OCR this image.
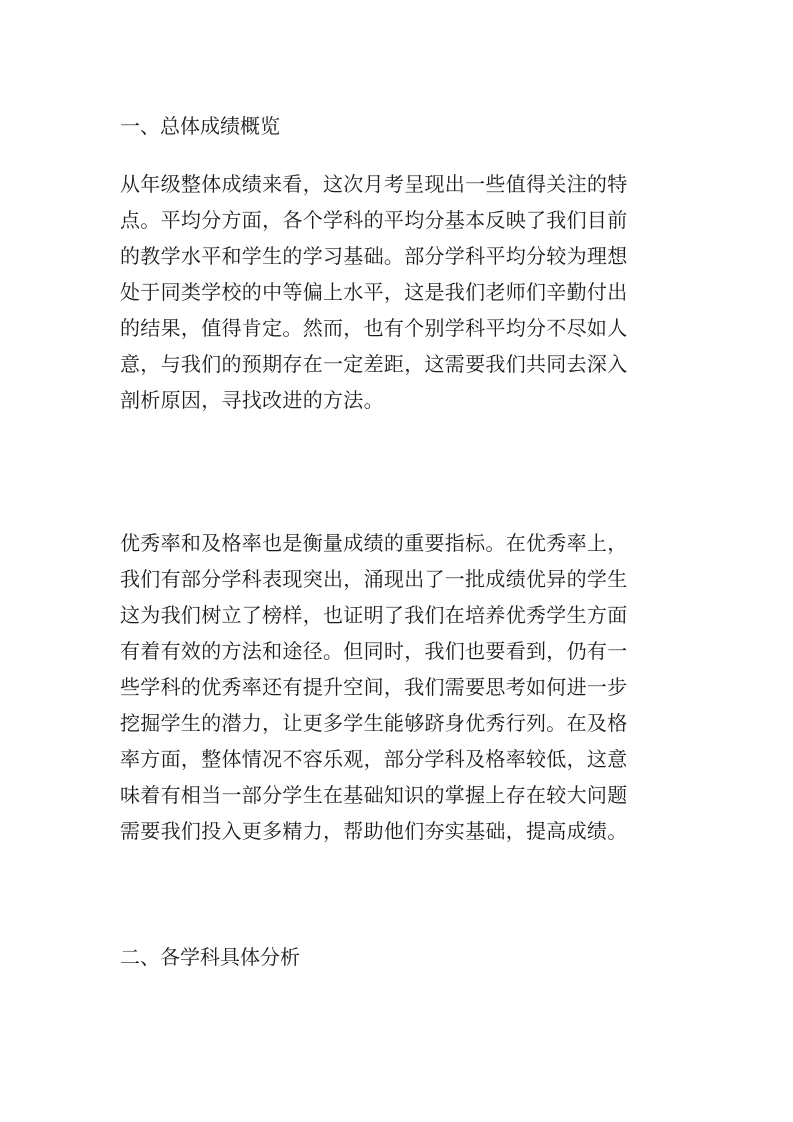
一、总体成绩概览
从年级整体成绩来看，这次月考呈现出一些值得关注的特
点。平均分方面，各个学科的平均分基本反映了我们目前
的教学水平和学生的学习基础。部分学科平均分较为理想
处于同类学校的中等偏上水平，这是我们老师们辛勤付出
的结果，值得肯定。然而，也有个别学科平均分不尽如人
意，与我们的预期存在一定差距，这需要我们共同去深入
剖析原因，寻找改进的方法。
优秀率和及格率也是衡量成绩的重要指标。在优秀率上，
我们有部分学科表现突出，涌现出了一批成绩优异的学生
这为我们树立了榜样，也证明了我们在培养优秀学生方面
有着有效的方法和途径。但同时，我们也要看到，仍有一
些学科的优秀率还有提升空间，我们需要思考如何进一步
挖掘学生的潜力，让更多学生能够跻身优秀行列。在及格
率方面，整体情况不容乐观，部分学科及格率较低，这意
味着有相当一部分学生在基础知识的掌握上存在较大问题
需要我们投入更多精力，帮助他们夯实基础，提高成绩。
二、各学科具体分析
